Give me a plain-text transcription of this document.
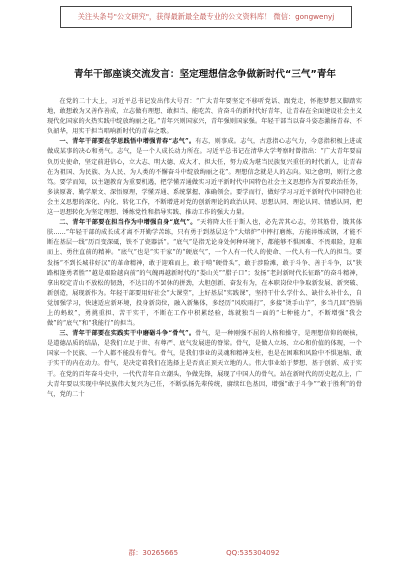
关注头条号"公文研究"，获得最新最全最专业的公文资料库！ 微信：gongwenyj
青年干部座谈交流发言：坚定理想信念争做新时代“三气”青年

在党的二十大上，习近平总书记发出伟大号召：“广大青年要坚定不移听党话、跟党走，怀抱梦想又脚踏实地，敢想敢为又善作善成，立志做有理想、敢担当、能吃苦、肯奋斗的新时代好青年，让青春在全面建设社会主义现代化国家的火热实践中绽放绚丽之花。”青年兴则国家兴，青年强则国家强。年轻干部当以奋斗姿态激扬青春、不负韶华，用实干担当唱响新时代的青春之歌。

一、青年干部要在学思践悟中增强青春“志气”。有志，则事成。志气，古意指心志气力，今意指积极上进或做成某事的决心和勇气。志气，是一个人成长动力所在。习近平总书记在清华大学考察时曾指出：“广大青年要肩负历史使命，坚定前进信心，立大志、明大德、成大才、担大任，努力成为堪当民族复兴重任的时代新人，让青春在为祖国、为民族、为人民、为人类的不懈奋斗中绽放绚丽之花”。理想信念就是人的志向。知之愈明，则行之愈笃。要学而知，以主题教育为重要机遇，把学懂弄通做实习近平新时代中国特色社会主义思想作为首要政治任务，多读原著、勤学原文、深悟原理，学懂弄通、系统掌握、准确领会。要学而行，做好学习习近平新时代中国特色社会主义思想的深化、内化、转化工作，不断增进对党的创新理论的政治认同、思想认同、理论认同、情感认同，把这一思想转化为坚定理想、锤炼党性和指导实践、推动工作的强大力量。

二、青年干部要在担当作为中增强自身“底气”。“天将降大任于斯人也，必先苦其心志，劳其筋骨，饿其体肤……”年轻干部的成长成才离不开勤学苦练，只有勇于到基层这个“大熔炉”中摔打磨炼，方能淬炼成钢，才能不断在基层一线“历百变深砥，铁不了瓷器活”。“底气”是指无论身处何种环境下，都能够不惧困难、不畏艰险，迎难而上、勇往直前的精神。“底气”也是“实干家”的“硬底气”，一个人有一代人的使命、一代人有一代人的担当。要发扬“不到长城非好汉”的革命精神，敢于迎难而上，敢于啃“硬骨头”，敢于涉险滩，敢于斗争、善于斗争，以“狭路相逢勇者胜”“越是艰险越向前”的气魄再越新时代的“娄山关”“腊子口”；发扬“老封新时代长征路”的奋斗精神，拿出咬定青山不放松的韧劲，不达目的不罢休的拼劲，大胆创新、奋发有为，在本职岗位中争取新发展、新突破、新创造，展现新作为。年轻干部要用好社会“大课堂”，上好基层“实践课”，坚持干什么学什么、缺什么补什么，自觉加强学习，快速适应新环境，投身新岗位，融入新集体，多经历“风吹雨打”，多接“烫手山芋”，多当几回“热锅上的蚂蚁”，勇挑重担、苦干实干，不断在工作中积累经验，练就独当一面的“七种能力”，不断增强“我会做”的“底气”和“我能行”的担当。

三、青年干部要在实践实干中磨砺斗争“骨气”。骨气，是一种刚强不屈的人格和操守，是理想信仰的硬核，是道德品质的结晶，是我们立足于世、有尊严、底气发展进的脊梁。骨气，是做人立场、立心和价值的体现，一个国家一个民族、一个人都不能没有骨气。骨气，是我们事业的灵魂和精神支柱，也是在困难和风险中不惧退缩、敢于实干的内在动力。骨气，是决定着我们在选择上是否真正顶天立地的人。伟大事业始于梦想、基于创新、成于实干。在党的百年奋斗史中，一代代青年自立潮头，争做先锋，展现了中国人的骨气。站在新时代的历史起点上，广大青年要以实现中华民族伟大复兴为己任，不断弘扬先辈传统，赓续红色基因，增强“敢于斗争”“敢于胜利”的骨气，党的二十

群：30265665	QQ:535304092
